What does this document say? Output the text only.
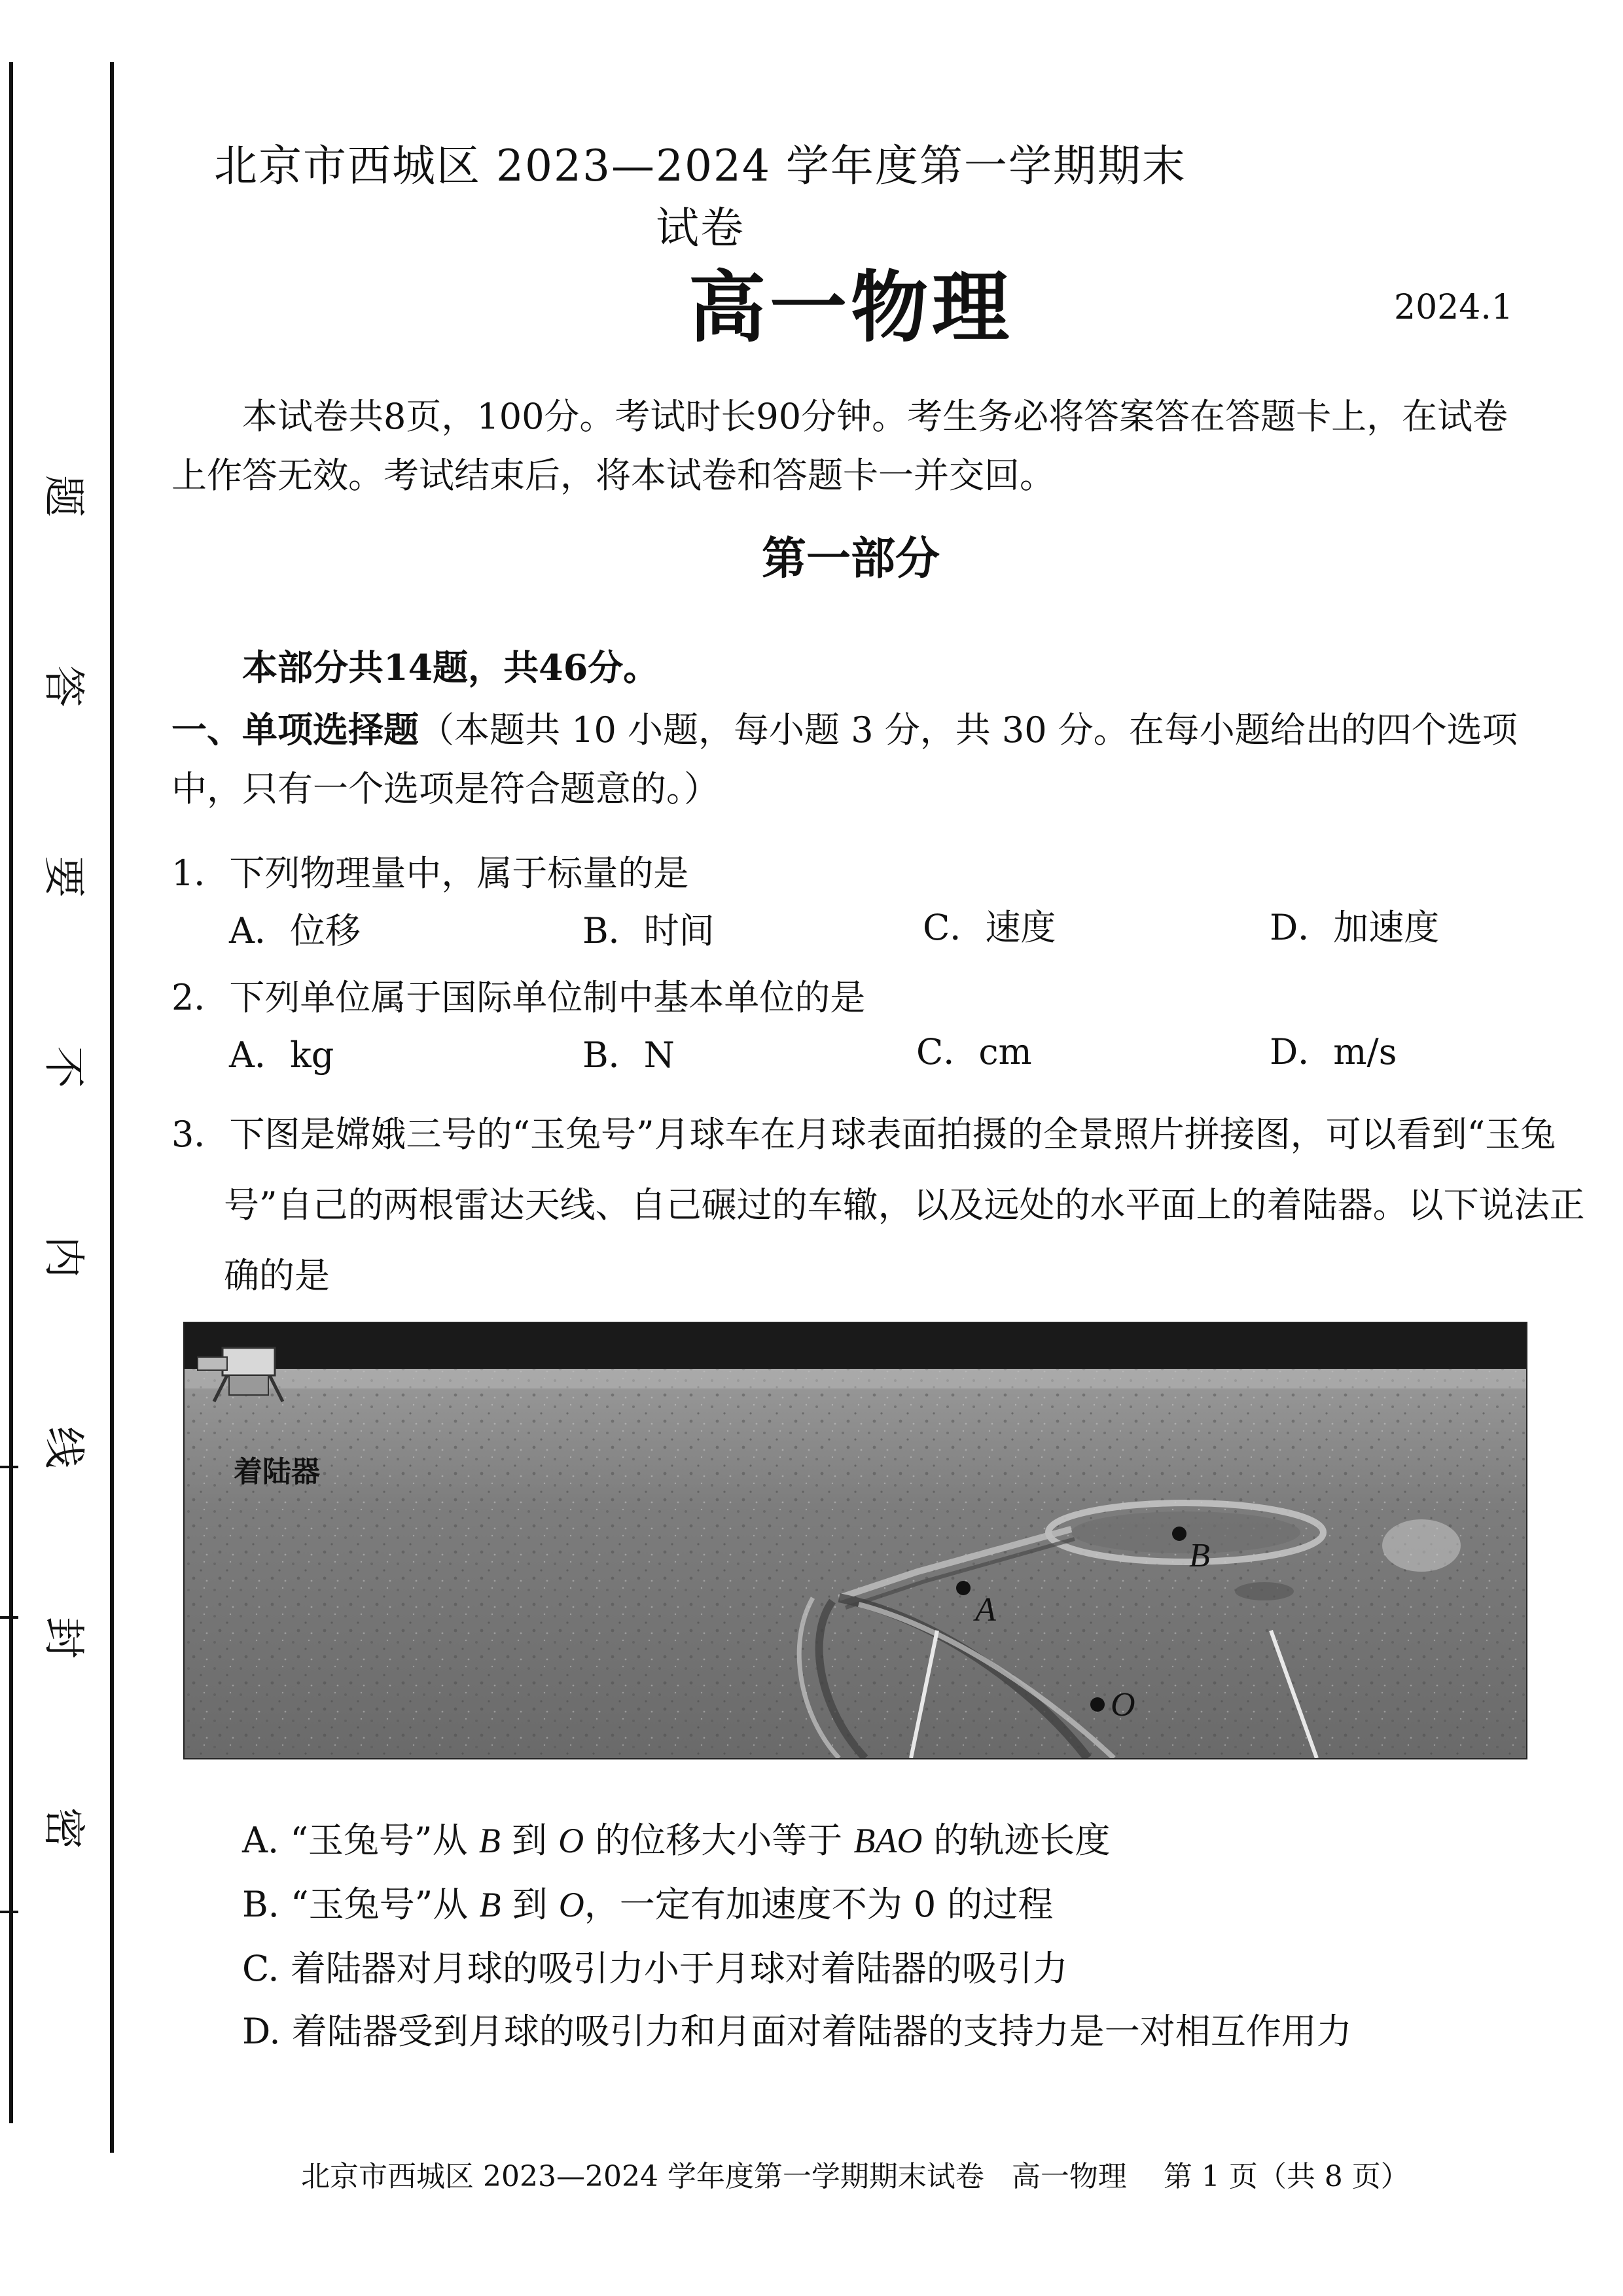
题
答
要
不
内
线
封
密
北京市西城区 2023—2024 学年度第一学期期末试卷
高一物理	2024.1
本试卷共8页，100分。考试时长90分钟。考生务必将答案答在答题卡上，在试卷上作答无效。考试结束后，将本试卷和答题卡一并交回。
第一部分
本部分共14题，共46分。
一、单项选择题（本题共 10 小题，每小题 3 分，共 30 分。在每小题给出的四个选项中，只有一个选项是符合题意的。）
1．下列物理量中，属于标量的是
A．位移	B．时间	C．速度	D．加速度
2．下列单位属于国际单位制中基本单位的是
A．kg	B．N	C．cm	D．m/s
3．下图是嫦娥三号的“玉兔号”月球车在月球表面拍摄的全景照片拼接图，可以看到“玉兔号”自己的两根雷达天线、自己碾过的车辙，以及远处的水平面上的着陆器。以下说法正确的是
B
A
O
着陆器
A. “玉兔号”从 B 到 O 的位移大小等于 BAO 的轨迹长度
B. “玉兔号”从 B 到 O，一定有加速度不为 0 的过程
C. 着陆器对月球的吸引力小于月球对着陆器的吸引力
D. 着陆器受到月球的吸引力和月面对着陆器的支持力是一对相互作用力
北京市西城区 2023—2024 学年度第一学期期末试卷 高一物理 第 1 页（共 8 页）
